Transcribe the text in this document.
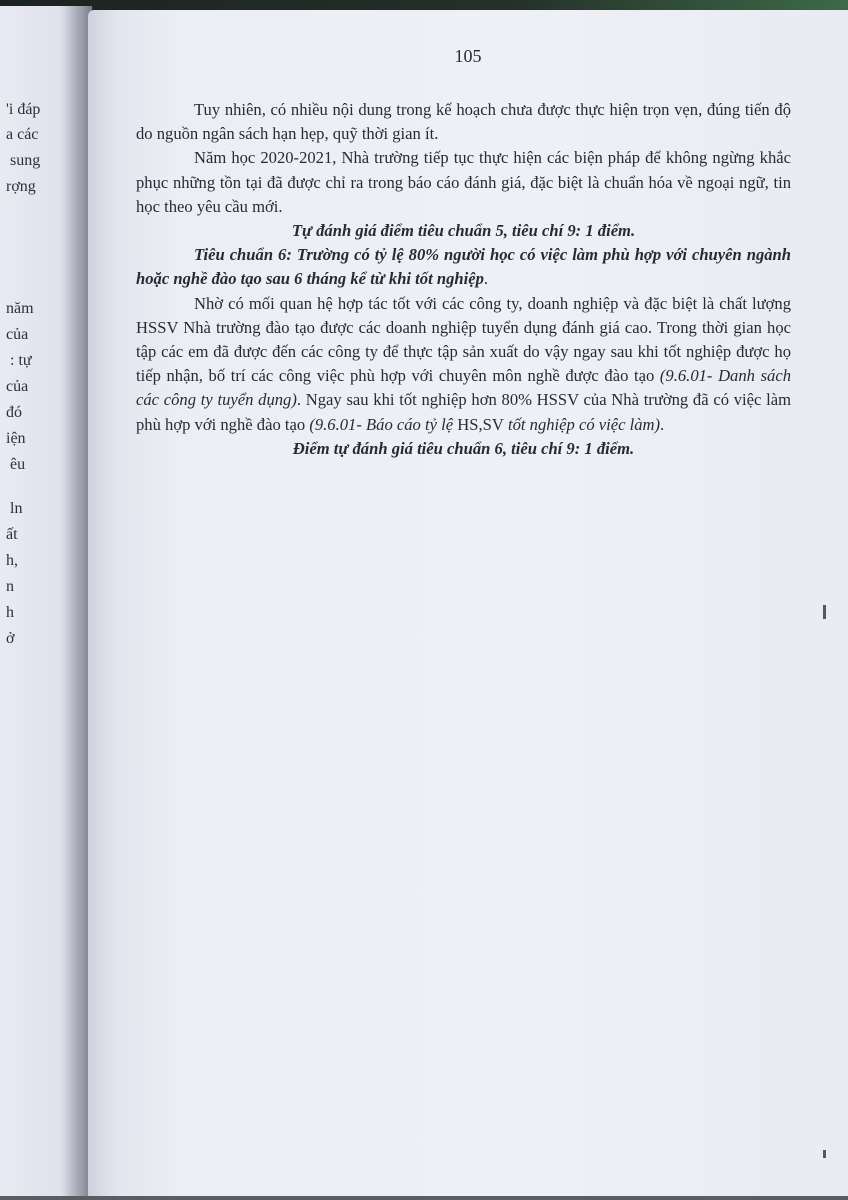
'i đáp
a các
sung
rợng
năm
của
: tự
của
đó
iện
êu
ln
ất
h,
n
h
ở
105

Tuy nhiên, có nhiều nội dung trong kế hoạch chưa được thực hiện trọn vẹn, đúng tiến độ do nguồn ngân sách hạn hẹp, quỹ thời gian ít.

Năm học 2020-2021, Nhà trường tiếp tục thực hiện các biện pháp để không ngừng khắc phục những tồn tại đã được chỉ ra trong báo cáo đánh giá, đặc biệt là chuẩn hóa về ngoại ngữ, tin học theo yêu cầu mới.

Tự đánh giá điểm tiêu chuẩn 5, tiêu chí 9: 1 điểm.

Tiêu chuẩn 6: Trường có tỷ lệ 80% người học có việc làm phù hợp với chuyên ngành hoặc nghề đào tạo sau 6 tháng kể từ khi tốt nghiệp.

Nhờ có mối quan hệ hợp tác tốt với các công ty, doanh nghiệp và đặc biệt là chất lượng HSSV Nhà trường đào tạo được các doanh nghiệp tuyển dụng đánh giá cao. Trong thời gian học tập các em đã được đến các công ty để thực tập sản xuất do vậy ngay sau khi tốt nghiệp được họ tiếp nhận, bố trí các công việc phù hợp với chuyên môn nghề được đào tạo (9.6.01- Danh sách các công ty tuyển dụng). Ngay sau khi tốt nghiệp hơn 80% HSSV của Nhà trường đã có việc làm phù hợp với nghề đào tạo (9.6.01- Báo cáo tỷ lệ HS,SV tốt nghiệp có việc làm).

Điểm tự đánh giá tiêu chuẩn 6, tiêu chí 9: 1 điểm.
